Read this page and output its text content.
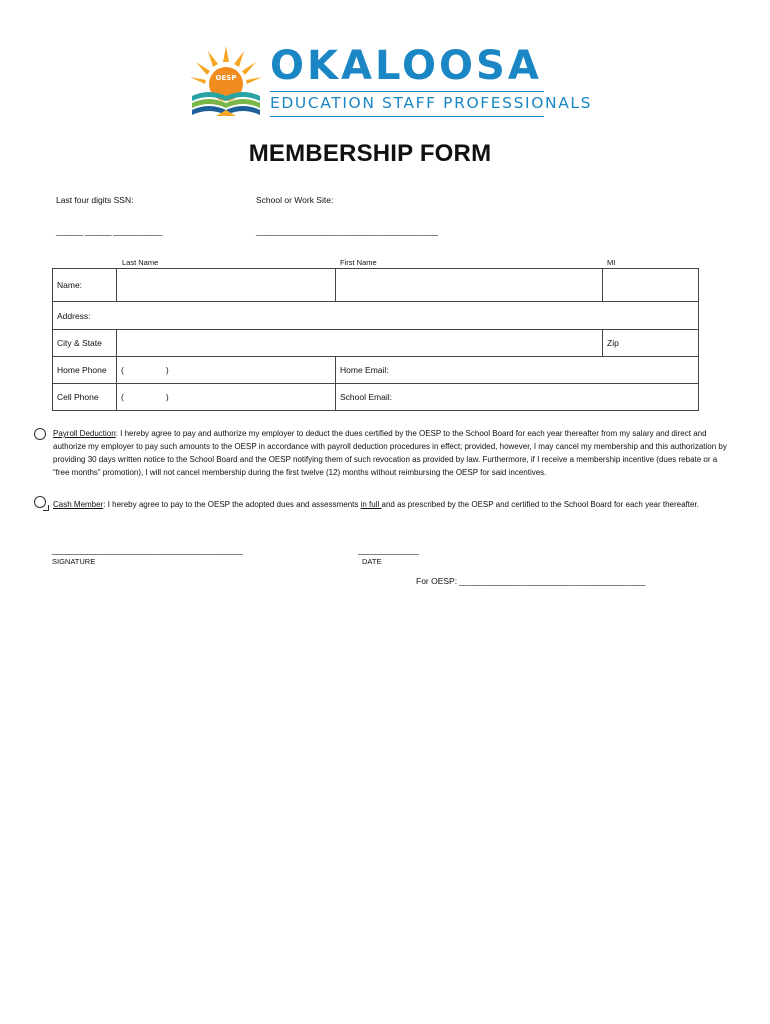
OESP OKALOOSA
EDUCATION STAFF PROFESSIONALS
MEMBERSHIP FORM
Last four digits SSN:	School or Work Site:
______ ______ ___________	_________________________________________
Last Name	First Name	MI
Name:			
Address:			
City & State			Zip
Home Phone	( )	Home Email:	
Cell Phone	( )	School Email:	
Payroll Deduction: I hereby agree to pay and authorize my employer to deduct the dues certified by the OESP to the School Board for each year thereafter from my salary and direct and authorize my employer to pay such amounts to the OESP in accordance with payroll deduction procedures in effect; provided, however, I may cancel my membership and this authorization by providing 30 days written notice to the School Board and the OESP notifying them of such revocation as provided by law. Furthermore, if I receive a membership incentive (dues rebate or a “free months” promotion), I will not cancel membership during the first twelve (12) months without reimbursing the OESP for said incentives.
Cash Member: I hereby agree to pay to the OESP the adopted dues and assessments in full and as prescribed by the OESP and certified to the School Board for each year thereafter.
____________________________________________
SIGNATURE
______________
DATE
For OESP: ___________________________________________
